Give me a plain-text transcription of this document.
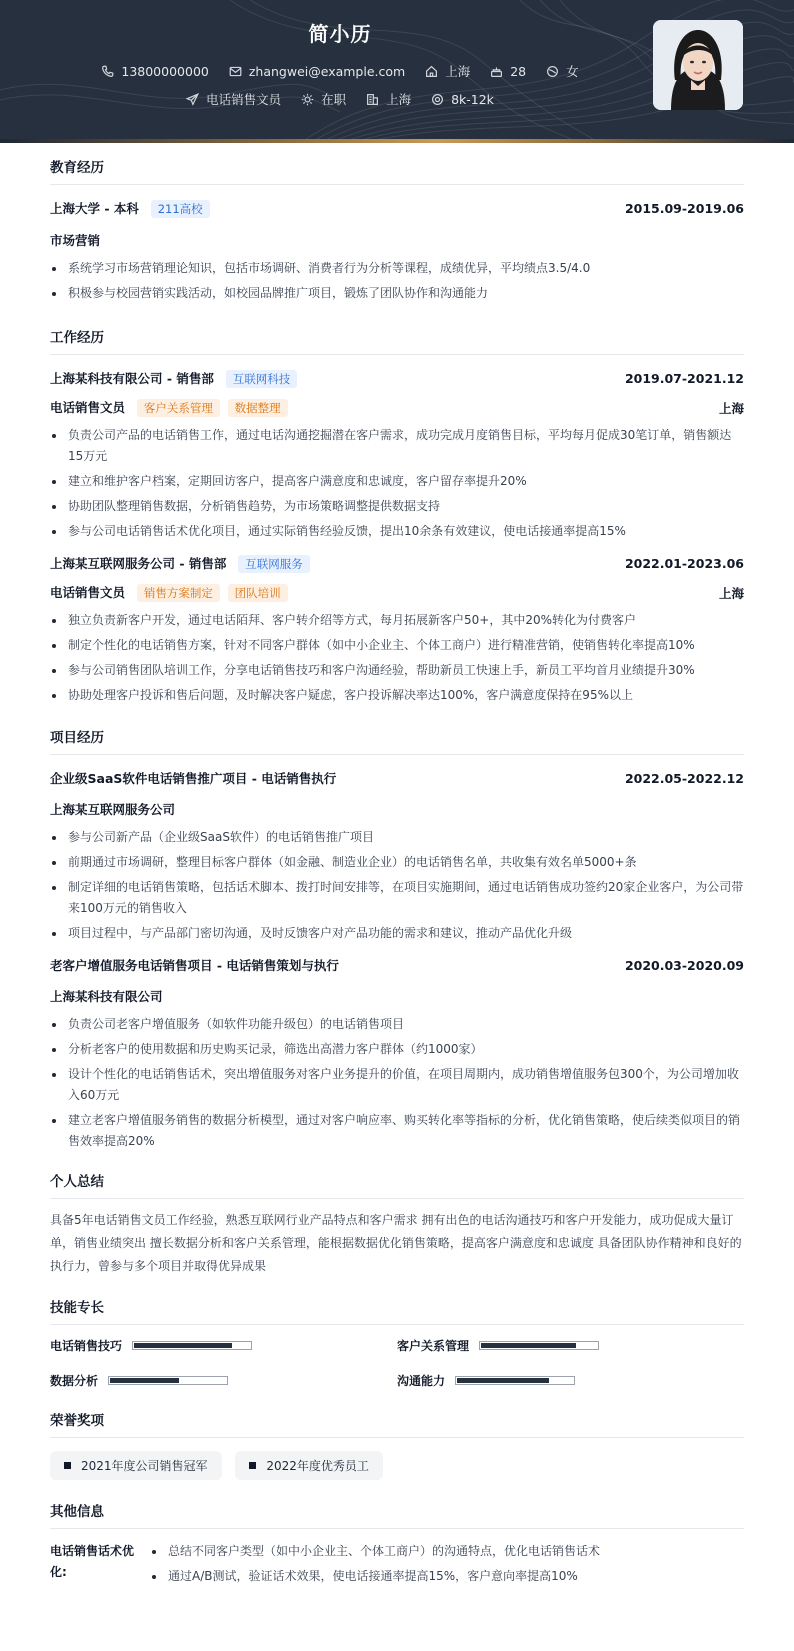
简小历
13800000000
	zhangwei@example.com
	上海
	28
	女
电话销售文员
	在职
	上海
	8k-12k
教育经历
上海大学 - 本科 211高校	2015.09-2019.06
市场营销
系统学习市场营销理论知识，包括市场调研、消费者行为分析等课程，成绩优异，平均绩点3.5/4.0
积极参与校园营销实践活动，如校园品牌推广项目，锻炼了团队协作和沟通能力
工作经历
上海某科技有限公司 - 销售部 互联网科技	2019.07-2021.12
电话销售文员 客户关系管理 数据整理	上海
负责公司产品的电话销售工作，通过电话沟通挖掘潜在客户需求，成功完成月度销售目标，平均每月促成30笔订单，销售额达15万元
建立和维护客户档案，定期回访客户，提高客户满意度和忠诚度，客户留存率提升20%
协助团队整理销售数据，分析销售趋势，为市场策略调整提供数据支持
参与公司电话销售话术优化项目，通过实际销售经验反馈，提出10余条有效建议，使电话接通率提高15%
上海某互联网服务公司 - 销售部 互联网服务	2022.01-2023.06
电话销售文员 销售方案制定 团队培训	上海
独立负责新客户开发，通过电话陌拜、客户转介绍等方式，每月拓展新客户50+，其中20%转化为付费客户
制定个性化的电话销售方案，针对不同客户群体（如中小企业主、个体工商户）进行精准营销，使销售转化率提高10%
参与公司销售团队培训工作，分享电话销售技巧和客户沟通经验，帮助新员工快速上手，新员工平均首月业绩提升30%
协助处理客户投诉和售后问题，及时解决客户疑虑，客户投诉解决率达100%，客户满意度保持在95%以上
项目经历
企业级SaaS软件电话销售推广项目 - 电话销售执行	2022.05-2022.12
上海某互联网服务公司
参与公司新产品（企业级SaaS软件）的电话销售推广项目
前期通过市场调研，整理目标客户群体（如金融、制造业企业）的电话销售名单，共收集有效名单5000+条
制定详细的电话销售策略，包括话术脚本、拨打时间安排等，在项目实施期间，通过电话销售成功签约20家企业客户，为公司带来100万元的销售收入
项目过程中，与产品部门密切沟通，及时反馈客户对产品功能的需求和建议，推动产品优化升级
老客户增值服务电话销售项目 - 电话销售策划与执行	2020.03-2020.09
上海某科技有限公司
负责公司老客户增值服务（如软件功能升级包）的电话销售项目
分析老客户的使用数据和历史购买记录，筛选出高潜力客户群体（约1000家）
设计个性化的电话销售话术，突出增值服务对客户业务提升的价值，在项目周期内，成功销售增值服务包300个，为公司增加收入60万元
建立老客户增值服务销售的数据分析模型，通过对客户响应率、购买转化率等指标的分析，优化销售策略，使后续类似项目的销售效率提高20%
个人总结
具备5年电话销售文员工作经验，熟悉互联网行业产品特点和客户需求 拥有出色的电话沟通技巧和客户开发能力，成功促成大量订单，销售业绩突出 擅长数据分析和客户关系管理，能根据数据优化销售策略，提高客户满意度和忠诚度 具备团队协作精神和良好的执行力，曾参与多个项目并取得优异成果
技能专长
电话销售技巧	客户关系管理
数据分析	沟通能力
荣誉奖项
2021年度公司销售冠军
	2022年度优秀员工
其他信息
电话销售话术优化:
总结不同客户类型（如中小企业主、个体工商户）的沟通特点，优化电话销售话术
通过A/B测试，验证话术效果，使电话接通率提高15%，客户意向率提高10%
